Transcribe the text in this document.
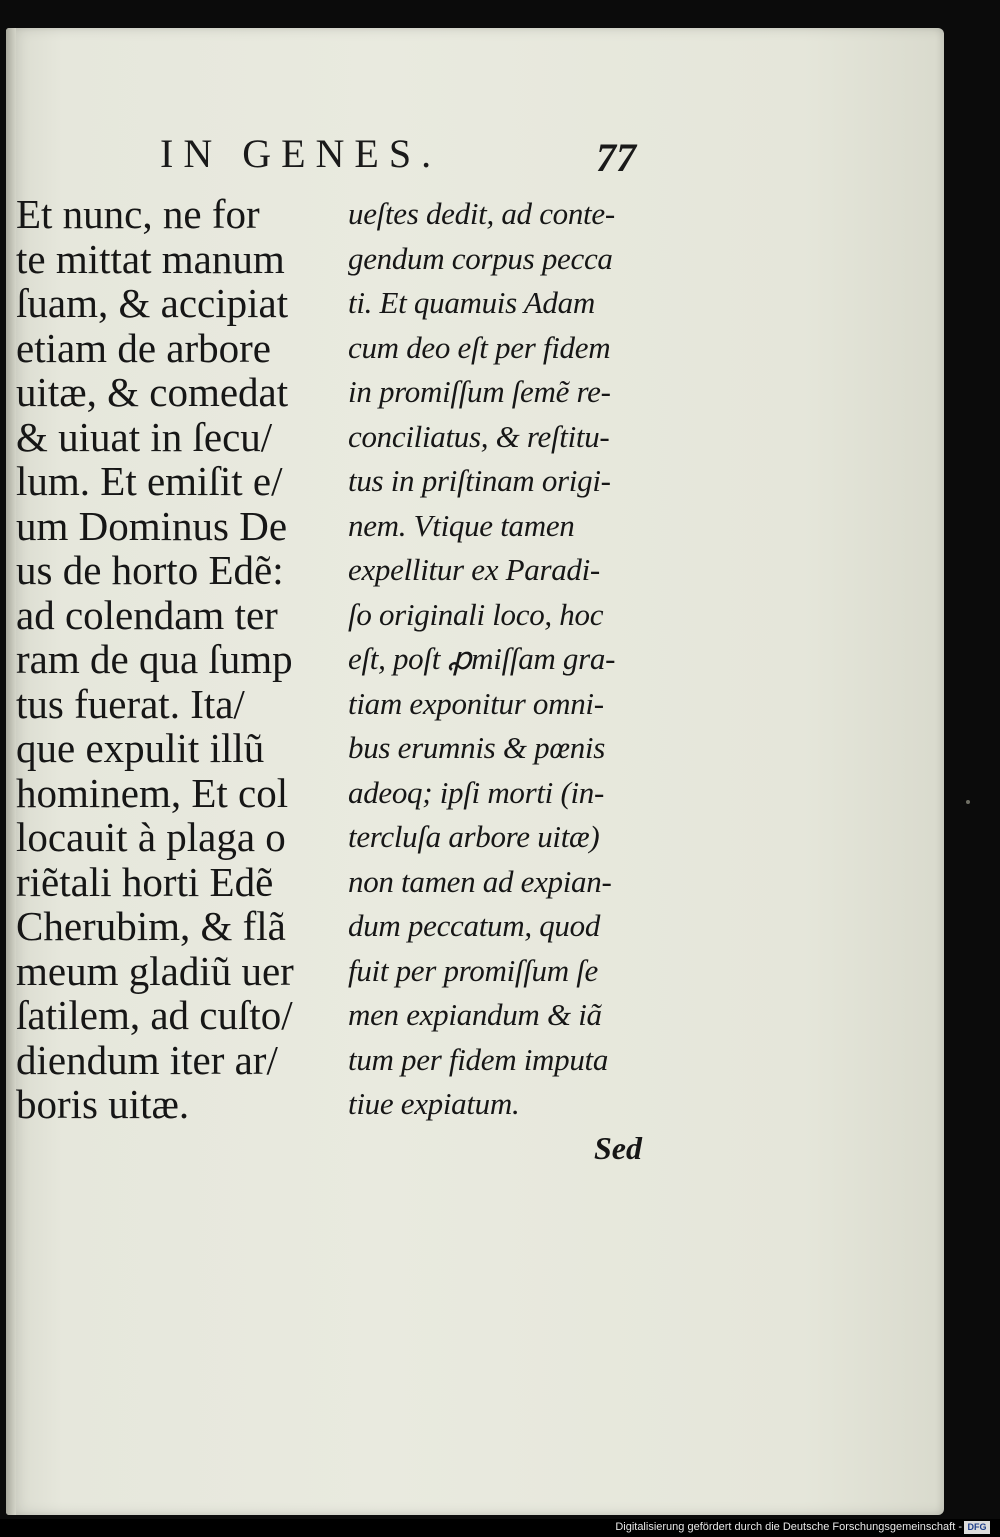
IN GENES.	77
Et nunc, ne for
te mittat manum
ſuam, & accipiat
etiam de arbore
uitæ, & comedat
& uiuat in ſecu/
lum. Et emiſit e/
um Dominus De
us de horto Edẽ:
ad colendam ter
ram de qua ſump
tus fuerat. Ita/
que expulit illũ
hominem, Et col
locauit à plaga o
riẽtali horti Edẽ
Cherubim, & flã
meum gladiũ uer
ſatilem, ad cuſto/
diendum iter ar/
boris uitæ.
ueſtes dedit, ad conte-
gendum corpus pecca
ti. Et quamuis Adam
cum deo eſt per fidem
in promiſſum ſemẽ re-
conciliatus, & reſtitu-
tus in priſtinam origi-
nem. Vtique tamen
expellitur ex Paradi-
ſo originali loco, hoc
eſt, poſt ꝓmiſſam gra-
tiam exponitur omni-
bus erumnis & pœnis
adeoq; ipſi morti (in-
tercluſa arbore uitæ)
non tamen ad expian-
dum peccatum, quod
fuit per promiſſum ſe
men expiandum & iã
tum per fidem imputa
tiue expiatum.
Sed
Digitalisierung gefördert durch die Deutsche Forschungsgemeinschaft - DFG
